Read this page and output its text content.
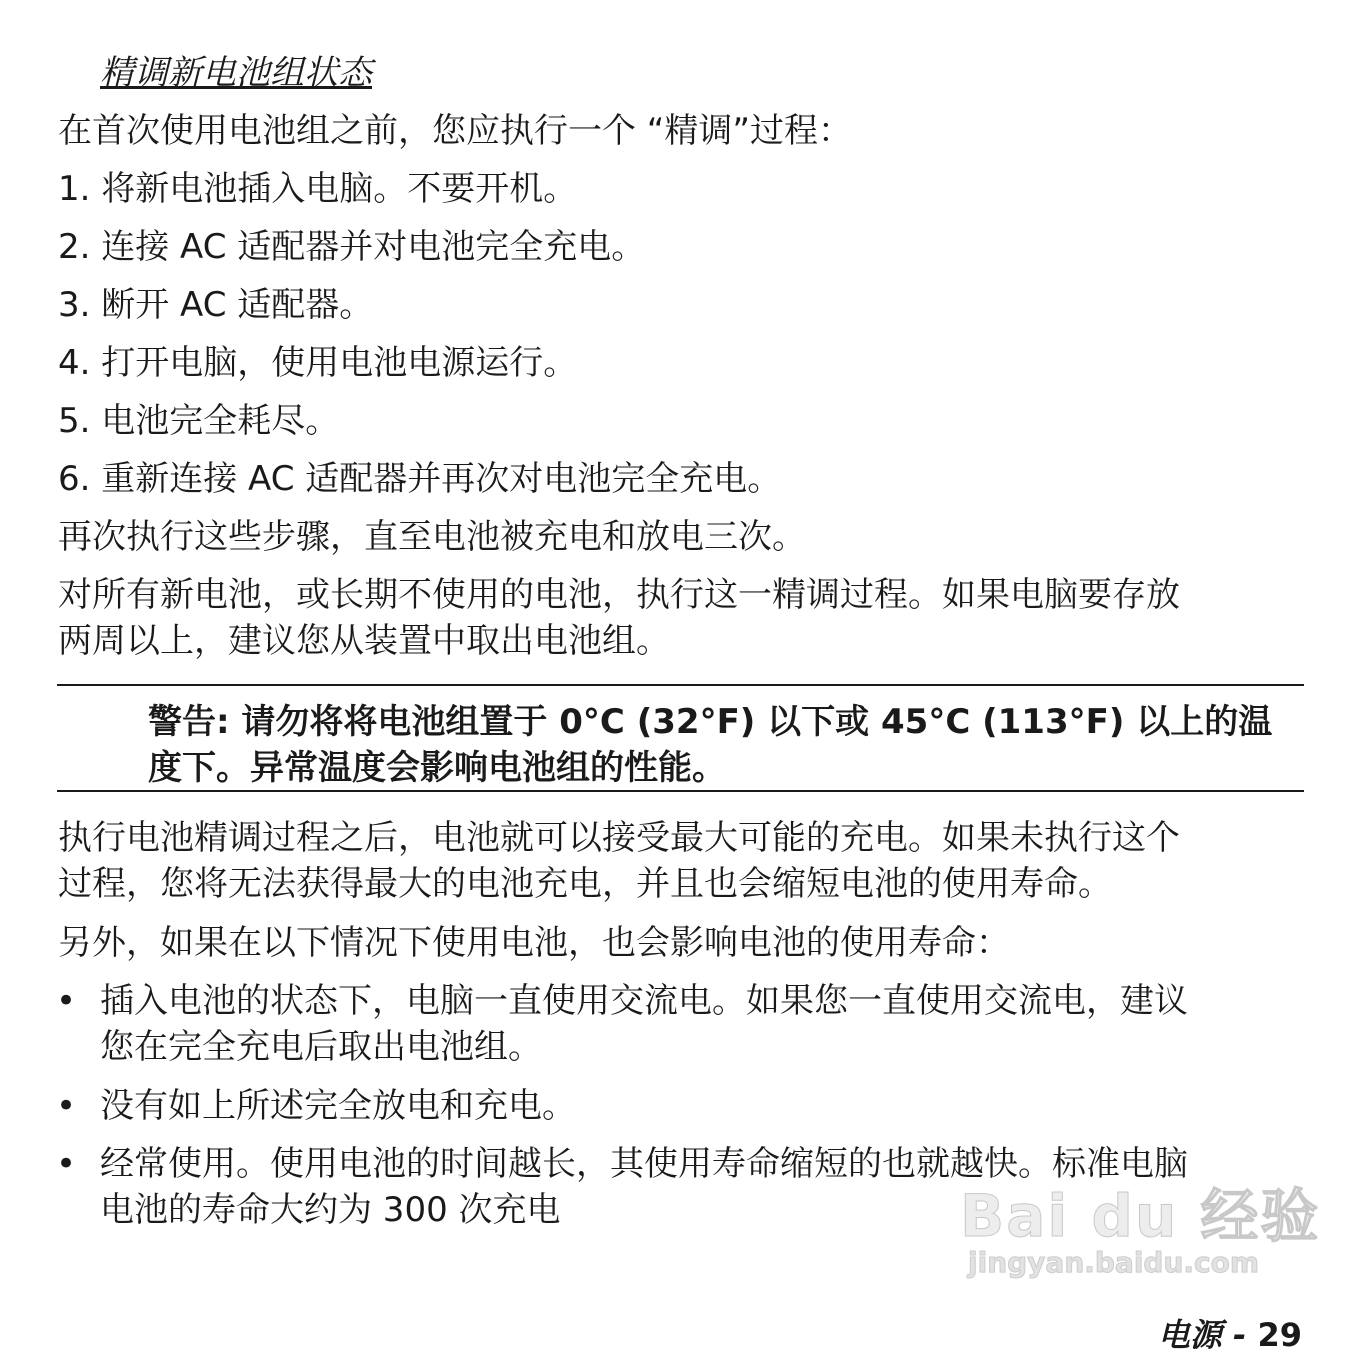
精调新电池组状态

在首次使用电池组之前，您应执行一个 “精调”过程：

1. 将新电池插入电脑。不要开机。

2. 连接 AC 适配器并对电池完全充电。

3. 断开 AC 适配器。

4. 打开电脑，使用电池电源运行。

5. 电池完全耗尽。

6. 重新连接 AC 适配器并再次对电池完全充电。

再次执行这些步骤，直至电池被充电和放电三次。

对所有新电池，或长期不使用的电池，执行这一精调过程。如果电脑要存放

两周以上，建议您从装置中取出电池组。

警告: 请勿将将电池组置于 0°C (32°F) 以下或 45°C (113°F) 以上的温
度下。异常温度会影响电池组的性能。

执行电池精调过程之后，电池就可以接受最大可能的充电。如果未执行这个

过程，您将无法获得最大的电池充电，并且也会缩短电池的使用寿命。

另外，如果在以下情况下使用电池，也会影响电池的使用寿命：

• 插入电池的状态下，电脑一直使用交流电。如果您一直使用交流电，建议
您在完全充电后取出电池组。
• 没有如上所述完全放电和充电。
• 经常使用。使用电池的时间越长，其使用寿命缩短的也就越快。标准电脑
电池的寿命大约为 300 次充电	Bai du 经验
jingyan.baidu.com
电源 - 29
